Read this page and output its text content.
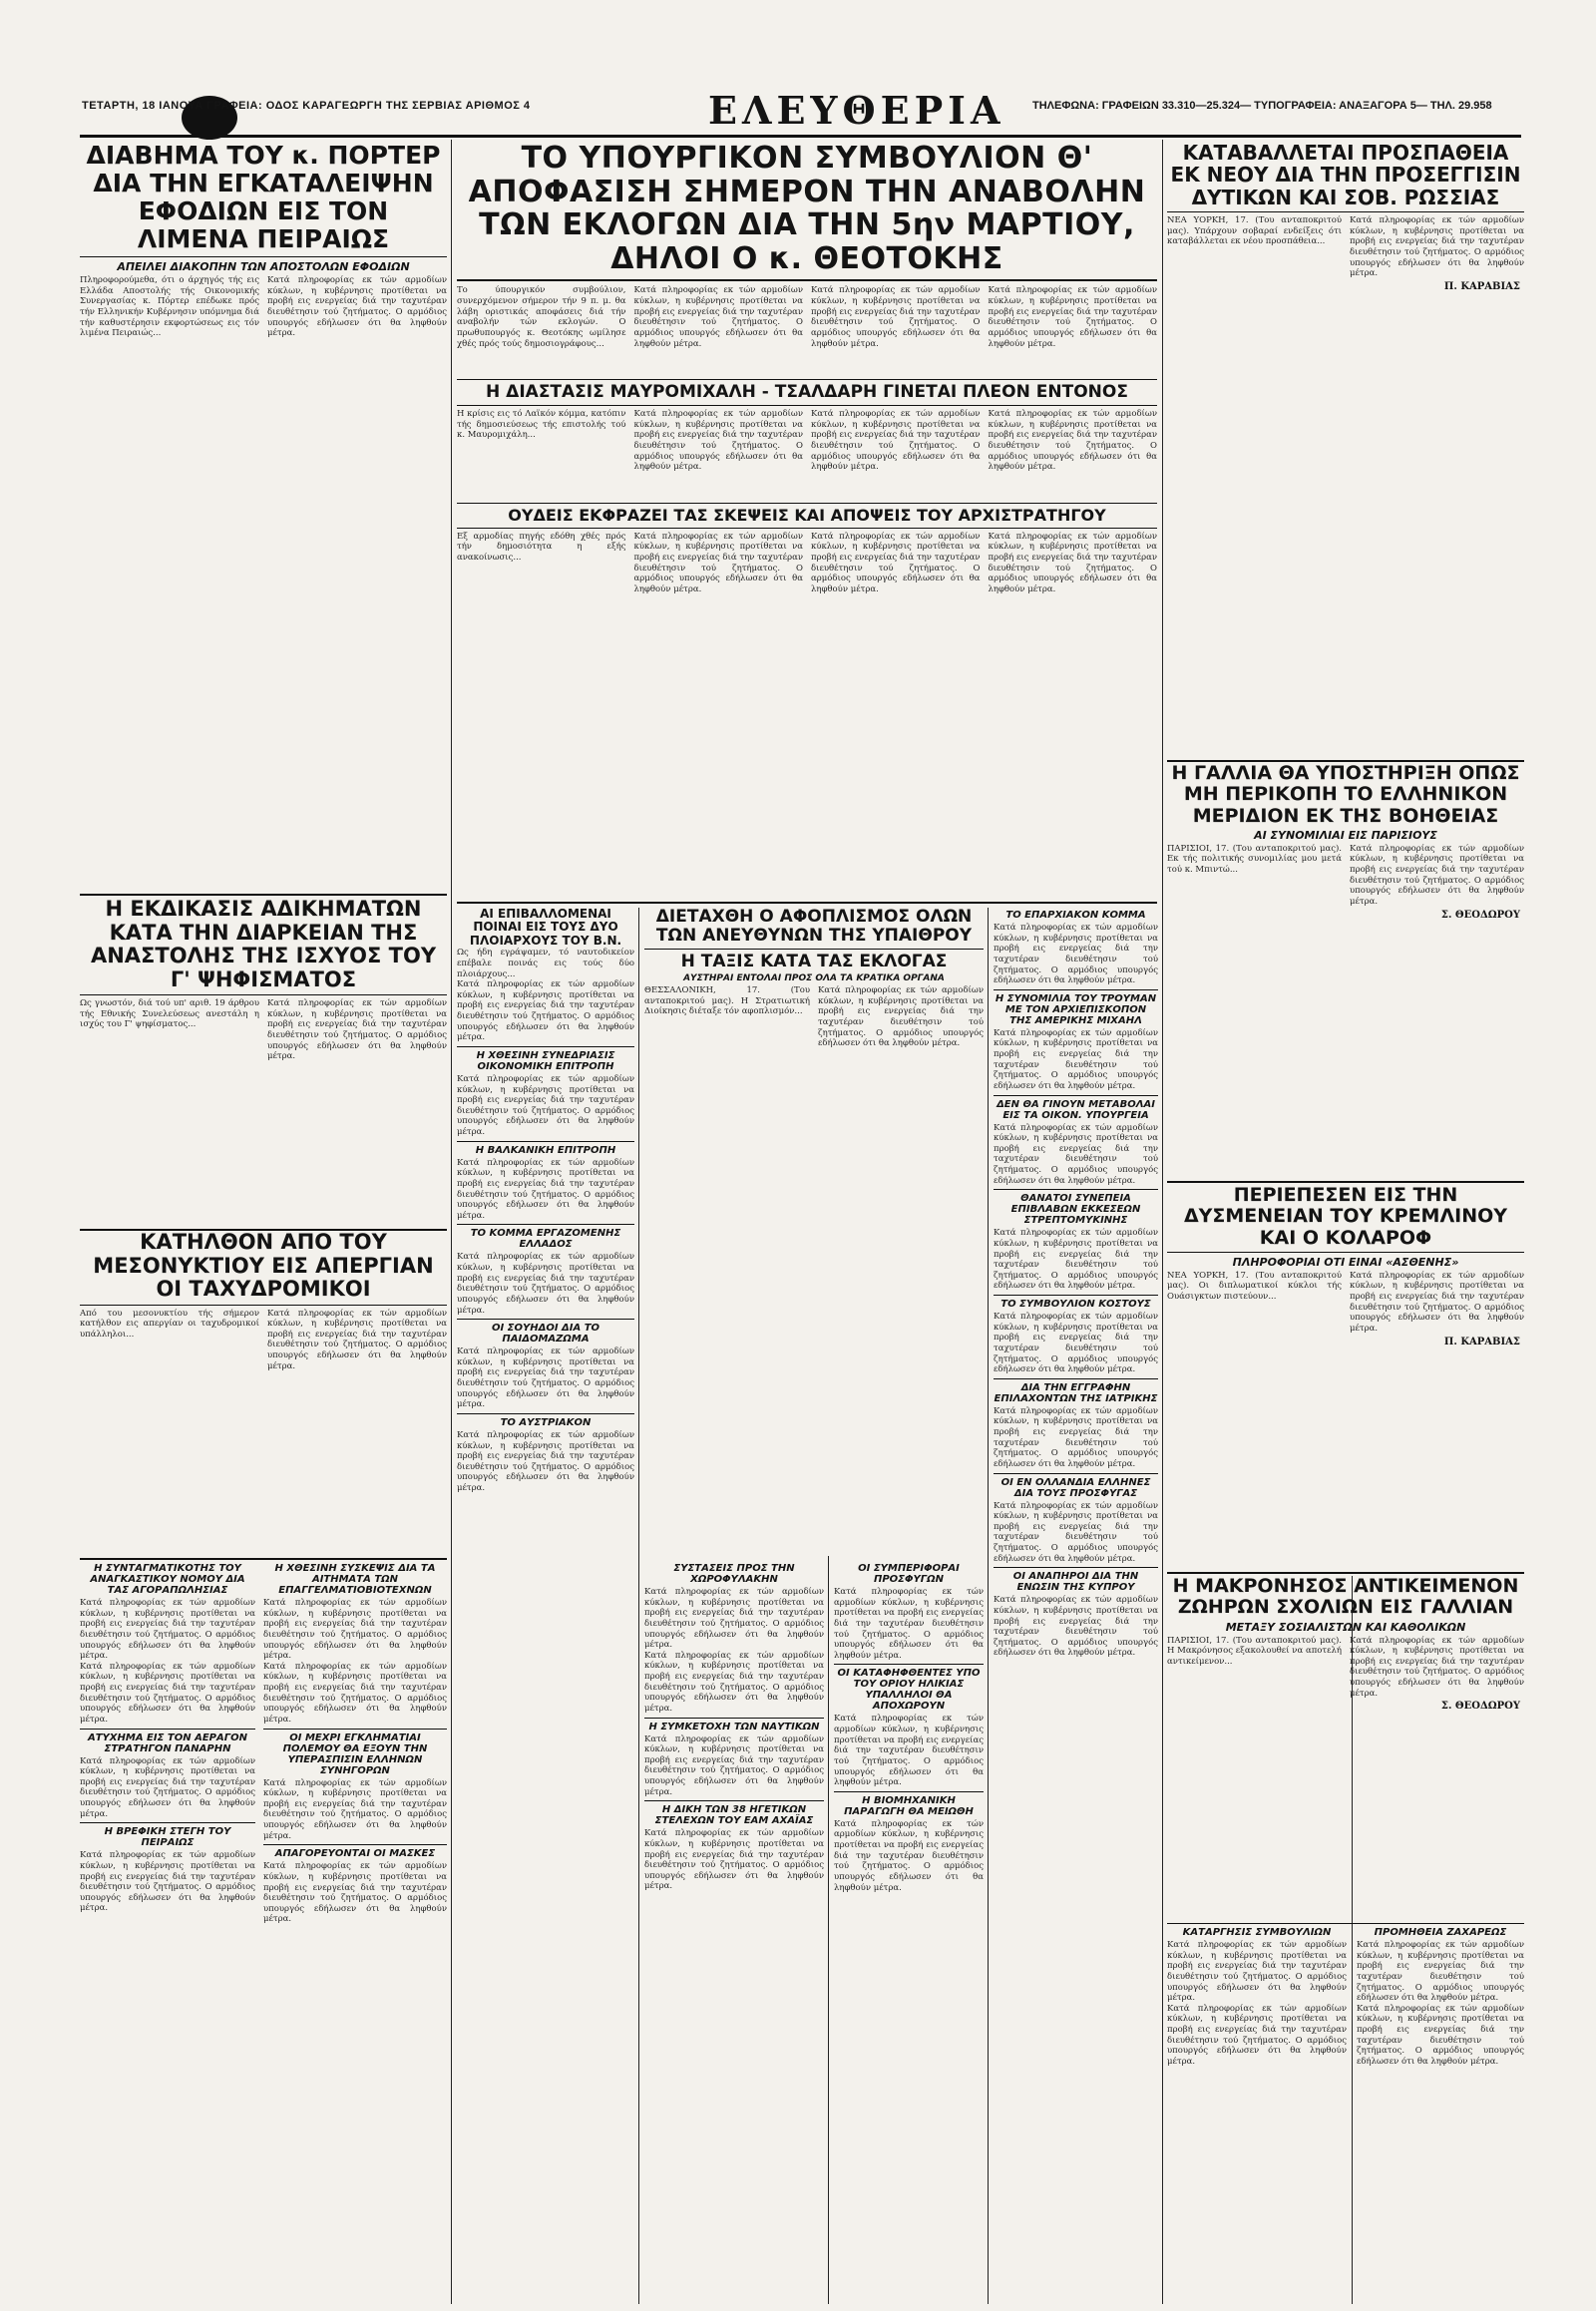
ΤΕΤΑΡΤΗ, 18 ΙΑΝΟΥΑ ΓΡΑΦΕΙΑ: ΟΔΟΣ ΚΑΡΑΓΕΩΡΓΗ ΤΗΣ ΣΕΡΒΙΑΣ ΑΡΙΘΜΟΣ 4	ΕΛΕΥΘΕΡΙΑ	ΤΗΛΕΦΩΝΑ: ΓΡΑΦΕΙΩΝ 33.310—25.324— ΤΥΠΟΓΡΑΦΕΙΑ: ΑΝΑΞΑΓΟΡΑ 5— ΤΗΛ. 29.958
ΔΙΑΒΗΜΑ ΤΟΥ κ. ΠΟΡΤΕΡ ΔΙΑ ΤΗΝ ΕΓΚΑΤΑΛΕΙΨΗΝ ΕΦΟΔΙΩΝ ΕΙΣ ΤΟΝ ΛΙΜΕΝΑ ΠΕΙΡΑΙΩΣ
ΑΠΕΙΛΕΙ ΔΙΑΚΟΠΗΝ ΤΩΝ ΑΠΟΣΤΟΛΩΝ ΕΦΟΔΙΩΝ

Πληροφορούμεθα, ότι ο άρχηγός τής εις Ελλάδα Αποστολής τής Οικονομικής Συνεργασίας κ. Πόρτερ επέδωκε πρός τήν Ελληνικήν Κυβέρνησιν υπόμνημα διά τήν καθυστέρησιν εκφορτώσεως εις τόν λιμένα Πειραιώς...

Κατά πληροφορίας εκ τών αρμοδίων κύκλων, η κυβέρνησις προτίθεται να προβή εις ενεργείας διά την ταχυτέραν διευθέτησιν τού ζητήματος. Ο αρμόδιος υπουργός εδήλωσεν ότι θα ληφθούν μέτρα.

Η ΕΚΔΙΚΑΣΙΣ ΑΔΙΚΗΜΑΤΩΝ ΚΑΤΑ ΤΗΝ ΔΙΑΡΚΕΙΑΝ ΤΗΣ ΑΝΑΣΤΟΛΗΣ ΤΗΣ ΙΣΧΥΟΣ ΤΟΥ Γ' ΨΗΦΙΣΜΑΤΟΣ

Ως γνωστόν, διά τού υπ' αριθ. 19 άρθρου τής Εθνικής Συνελεύσεως ανεστάλη η ισχύς του Γ' ψηφίσματος...

Κατά πληροφορίας εκ τών αρμοδίων κύκλων, η κυβέρνησις προτίθεται να προβή εις ενεργείας διά την ταχυτέραν διευθέτησιν τού ζητήματος. Ο αρμόδιος υπουργός εδήλωσεν ότι θα ληφθούν μέτρα.

ΚΑΤΗΛΘΟΝ ΑΠΟ ΤΟΥ ΜΕΣΟΝΥΚΤΙΟΥ ΕΙΣ ΑΠΕΡΓΙΑΝ ΟΙ ΤΑΧΥΔΡΟΜΙΚΟΙ

Από του μεσονυκτίου τής σήμερον κατήλθον εις απεργίαν οι ταχυδρομικοί υπάλληλοι...

Κατά πληροφορίας εκ τών αρμοδίων κύκλων, η κυβέρνησις προτίθεται να προβή εις ενεργείας διά την ταχυτέραν διευθέτησιν τού ζητήματος. Ο αρμόδιος υπουργός εδήλωσεν ότι θα ληφθούν μέτρα.

Η ΣΥΝΤΑΓΜΑΤΙΚΟΤΗΣ ΤΟΥ ΑΝΑΓΚΑΣΤΙΚΟΥ ΝΟΜΟΥ ΔΙΑ ΤΑΣ ΑΓΟΡΑΠΩΛΗΣΙΑΣ

Κατά πληροφορίας εκ τών αρμοδίων κύκλων, η κυβέρνησις προτίθεται να προβή εις ενεργείας διά την ταχυτέραν διευθέτησιν τού ζητήματος. Ο αρμόδιος υπουργός εδήλωσεν ότι θα ληφθούν μέτρα.

Κατά πληροφορίας εκ τών αρμοδίων κύκλων, η κυβέρνησις προτίθεται να προβή εις ενεργείας διά την ταχυτέραν διευθέτησιν τού ζητήματος. Ο αρμόδιος υπουργός εδήλωσεν ότι θα ληφθούν μέτρα.

ΑΤΥΧΗΜΑ ΕΙΣ ΤΟΝ ΑΕΡΑΓΟΝ ΣΤΡΑΤΗΓΟΝ ΠΑΝΑΡΗΝ

Κατά πληροφορίας εκ τών αρμοδίων κύκλων, η κυβέρνησις προτίθεται να προβή εις ενεργείας διά την ταχυτέραν διευθέτησιν τού ζητήματος. Ο αρμόδιος υπουργός εδήλωσεν ότι θα ληφθούν μέτρα.

Η ΒΡΕΦΙΚΗ ΣΤΕΓΗ ΤΟΥ ΠΕΙΡΑΙΩΣ

Κατά πληροφορίας εκ τών αρμοδίων κύκλων, η κυβέρνησις προτίθεται να προβή εις ενεργείας διά την ταχυτέραν διευθέτησιν τού ζητήματος. Ο αρμόδιος υπουργός εδήλωσεν ότι θα ληφθούν μέτρα.

Η ΧΘΕΣΙΝΗ ΣΥΣΚΕΨΙΣ ΔΙΑ ΤΑ ΑΙΤΗΜΑΤΑ ΤΩΝ ΕΠΑΓΓΕΛΜΑΤΙΟΒΙΟΤΕΧΝΩΝ

Κατά πληροφορίας εκ τών αρμοδίων κύκλων, η κυβέρνησις προτίθεται να προβή εις ενεργείας διά την ταχυτέραν διευθέτησιν τού ζητήματος. Ο αρμόδιος υπουργός εδήλωσεν ότι θα ληφθούν μέτρα.

Κατά πληροφορίας εκ τών αρμοδίων κύκλων, η κυβέρνησις προτίθεται να προβή εις ενεργείας διά την ταχυτέραν διευθέτησιν τού ζητήματος. Ο αρμόδιος υπουργός εδήλωσεν ότι θα ληφθούν μέτρα.

ΟΙ ΜΕΧΡΙ ΕΓΚΛΗΜΑΤΙΑΙ ΠΟΛΕΜΟΥ ΘΑ ΕΞΟΥΝ ΤΗΝ ΥΠΕΡΑΣΠΙΣΙΝ ΕΛΛΗΝΩΝ ΣΥΝΗΓΟΡΩΝ

Κατά πληροφορίας εκ τών αρμοδίων κύκλων, η κυβέρνησις προτίθεται να προβή εις ενεργείας διά την ταχυτέραν διευθέτησιν τού ζητήματος. Ο αρμόδιος υπουργός εδήλωσεν ότι θα ληφθούν μέτρα.

ΑΠΑΓΟΡΕΥΟΝΤΑΙ ΟΙ ΜΑΣΚΕΣ

Κατά πληροφορίας εκ τών αρμοδίων κύκλων, η κυβέρνησις προτίθεται να προβή εις ενεργείας διά την ταχυτέραν διευθέτησιν τού ζητήματος. Ο αρμόδιος υπουργός εδήλωσεν ότι θα ληφθούν μέτρα.

ΤΟ ΥΠΟΥΡΓΙΚΟΝ ΣΥΜΒΟΥΛΙΟΝ Θ' ΑΠΟΦΑΣΙΣΗ ΣΗΜΕΡΟΝ ΤΗΝ ΑΝΑΒΟΛΗΝ ΤΩΝ ΕΚΛΟΓΩΝ ΔΙΑ ΤΗΝ 5ην ΜΑΡΤΙΟΥ, ΔΗΛΟΙ Ο κ. ΘΕΟΤΟΚΗΣ

Το ύπουργικόν συμβούλιον, συνερχόμενον σήμερον τήν 9 π. μ. θα λάβη οριστικάς αποφάσεις διά τήν αναβολήν τών εκλογών. Ο πρωθυπουργός κ. Θεοτόκης ωμίλησε χθές πρός τούς δημοσιογράφους...

Κατά πληροφορίας εκ τών αρμοδίων κύκλων, η κυβέρνησις προτίθεται να προβή εις ενεργείας διά την ταχυτέραν διευθέτησιν τού ζητήματος. Ο αρμόδιος υπουργός εδήλωσεν ότι θα ληφθούν μέτρα.

Κατά πληροφορίας εκ τών αρμοδίων κύκλων, η κυβέρνησις προτίθεται να προβή εις ενεργείας διά την ταχυτέραν διευθέτησιν τού ζητήματος. Ο αρμόδιος υπουργός εδήλωσεν ότι θα ληφθούν μέτρα.

Κατά πληροφορίας εκ τών αρμοδίων κύκλων, η κυβέρνησις προτίθεται να προβή εις ενεργείας διά την ταχυτέραν διευθέτησιν τού ζητήματος. Ο αρμόδιος υπουργός εδήλωσεν ότι θα ληφθούν μέτρα.

Η ΔΙΑΣΤΑΣΙΣ ΜΑΥΡΟΜΙΧΑΛΗ - ΤΣΑΛΔΑΡΗ ΓΙΝΕΤΑΙ ΠΛΕΟΝ ΕΝΤΟΝΟΣ

Η κρίσις εις τό Λαϊκόν κόμμα, κατόπιν τής δημοσιεύσεως τής επιστολής τού κ. Μαυρομιχάλη...

Κατά πληροφορίας εκ τών αρμοδίων κύκλων, η κυβέρνησις προτίθεται να προβή εις ενεργείας διά την ταχυτέραν διευθέτησιν τού ζητήματος. Ο αρμόδιος υπουργός εδήλωσεν ότι θα ληφθούν μέτρα.

Κατά πληροφορίας εκ τών αρμοδίων κύκλων, η κυβέρνησις προτίθεται να προβή εις ενεργείας διά την ταχυτέραν διευθέτησιν τού ζητήματος. Ο αρμόδιος υπουργός εδήλωσεν ότι θα ληφθούν μέτρα.

Κατά πληροφορίας εκ τών αρμοδίων κύκλων, η κυβέρνησις προτίθεται να προβή εις ενεργείας διά την ταχυτέραν διευθέτησιν τού ζητήματος. Ο αρμόδιος υπουργός εδήλωσεν ότι θα ληφθούν μέτρα.

ΟΥΔΕΙΣ ΕΚΦΡΑΖΕΙ ΤΑΣ ΣΚΕΨΕΙΣ ΚΑΙ ΑΠΟΨΕΙΣ ΤΟΥ ΑΡΧΙΣΤΡΑΤΗΓΟΥ

Εξ αρμοδίας πηγής εδόθη χθές πρός τήν δημοσιότητα η εξής ανακοίνωσις...

Κατά πληροφορίας εκ τών αρμοδίων κύκλων, η κυβέρνησις προτίθεται να προβή εις ενεργείας διά την ταχυτέραν διευθέτησιν τού ζητήματος. Ο αρμόδιος υπουργός εδήλωσεν ότι θα ληφθούν μέτρα.

Κατά πληροφορίας εκ τών αρμοδίων κύκλων, η κυβέρνησις προτίθεται να προβή εις ενεργείας διά την ταχυτέραν διευθέτησιν τού ζητήματος. Ο αρμόδιος υπουργός εδήλωσεν ότι θα ληφθούν μέτρα.

Κατά πληροφορίας εκ τών αρμοδίων κύκλων, η κυβέρνησις προτίθεται να προβή εις ενεργείας διά την ταχυτέραν διευθέτησιν τού ζητήματος. Ο αρμόδιος υπουργός εδήλωσεν ότι θα ληφθούν μέτρα.

ΑΙ ΕΠΙΒΑΛΛΟΜΕΝΑΙ ΠΟΙΝΑΙ ΕΙΣ ΤΟΥΣ ΔΥΟ ΠΛΟΙΑΡΧΟΥΣ ΤΟΥ Β.Ν.

Ως ήδη εγράψαμεν, τό ναυτοδικείον επέβαλε ποινάς εις τούς δύο πλοιάρχους...

Κατά πληροφορίας εκ τών αρμοδίων κύκλων, η κυβέρνησις προτίθεται να προβή εις ενεργείας διά την ταχυτέραν διευθέτησιν τού ζητήματος. Ο αρμόδιος υπουργός εδήλωσεν ότι θα ληφθούν μέτρα.

Η ΧΘΕΣΙΝΗ ΣΥΝΕΔΡΙΑΣΙΣ ΟΙΚΟΝΟΜΙΚΗ ΕΠΙΤΡΟΠΗ

Κατά πληροφορίας εκ τών αρμοδίων κύκλων, η κυβέρνησις προτίθεται να προβή εις ενεργείας διά την ταχυτέραν διευθέτησιν τού ζητήματος. Ο αρμόδιος υπουργός εδήλωσεν ότι θα ληφθούν μέτρα.

Η ΒΑΛΚΑΝΙΚΗ ΕΠΙΤΡΟΠΗ

Κατά πληροφορίας εκ τών αρμοδίων κύκλων, η κυβέρνησις προτίθεται να προβή εις ενεργείας διά την ταχυτέραν διευθέτησιν τού ζητήματος. Ο αρμόδιος υπουργός εδήλωσεν ότι θα ληφθούν μέτρα.

ΤΟ ΚΟΜΜΑ ΕΡΓΑΖΟΜΕΝΗΣ ΕΛΛΑΔΟΣ

Κατά πληροφορίας εκ τών αρμοδίων κύκλων, η κυβέρνησις προτίθεται να προβή εις ενεργείας διά την ταχυτέραν διευθέτησιν τού ζητήματος. Ο αρμόδιος υπουργός εδήλωσεν ότι θα ληφθούν μέτρα.

ΟΙ ΣΟΥΗΔΟΙ ΔΙΑ ΤΟ ΠΑΙΔΟΜΑΖΩΜΑ

Κατά πληροφορίας εκ τών αρμοδίων κύκλων, η κυβέρνησις προτίθεται να προβή εις ενεργείας διά την ταχυτέραν διευθέτησιν τού ζητήματος. Ο αρμόδιος υπουργός εδήλωσεν ότι θα ληφθούν μέτρα.

ΤΟ ΑΥΣΤΡΙΑΚΟΝ

Κατά πληροφορίας εκ τών αρμοδίων κύκλων, η κυβέρνησις προτίθεται να προβή εις ενεργείας διά την ταχυτέραν διευθέτησιν τού ζητήματος. Ο αρμόδιος υπουργός εδήλωσεν ότι θα ληφθούν μέτρα.

ΔΙΕΤΑΧΘΗ Ο ΑΦΟΠΛΙΣΜΟΣ ΟΛΩΝ ΤΩΝ ΑΝΕΥΘΥΝΩΝ ΤΗΣ ΥΠΑΙΘΡΟΥ
Η ΤΑΞΙΣ ΚΑΤΑ ΤΑΣ ΕΚΛΟΓΑΣ
ΑΥΣΤΗΡΑΙ ΕΝΤΟΛΑΙ ΠΡΟΣ ΟΛΑ ΤΑ ΚΡΑΤΙΚΑ ΟΡΓΑΝΑ

ΘΕΣΣΑΛΟΝΙΚΗ, 17. (Του ανταποκριτού μας). Η Στρατιωτική Διοίκησις διέταξε τόν αφοπλισμόν...

Κατά πληροφορίας εκ τών αρμοδίων κύκλων, η κυβέρνησις προτίθεται να προβή εις ενεργείας διά την ταχυτέραν διευθέτησιν τού ζητήματος. Ο αρμόδιος υπουργός εδήλωσεν ότι θα ληφθούν μέτρα.

ΣΥΣΤΑΣΕΙΣ ΠΡΟΣ ΤΗΝ ΧΩΡΟΦΥΛΑΚΗΝ

Κατά πληροφορίας εκ τών αρμοδίων κύκλων, η κυβέρνησις προτίθεται να προβή εις ενεργείας διά την ταχυτέραν διευθέτησιν τού ζητήματος. Ο αρμόδιος υπουργός εδήλωσεν ότι θα ληφθούν μέτρα.

Κατά πληροφορίας εκ τών αρμοδίων κύκλων, η κυβέρνησις προτίθεται να προβή εις ενεργείας διά την ταχυτέραν διευθέτησιν τού ζητήματος. Ο αρμόδιος υπουργός εδήλωσεν ότι θα ληφθούν μέτρα.

Η ΣΥΜΚΕΤΟΧΗ ΤΩΝ ΝΑΥΤΙΚΩΝ

Κατά πληροφορίας εκ τών αρμοδίων κύκλων, η κυβέρνησις προτίθεται να προβή εις ενεργείας διά την ταχυτέραν διευθέτησιν τού ζητήματος. Ο αρμόδιος υπουργός εδήλωσεν ότι θα ληφθούν μέτρα.

Η ΔΙΚΗ ΤΩΝ 38 ΗΓΕΤΙΚΩΝ ΣΤΕΛΕΧΩΝ ΤΟΥ ΕΑΜ ΑΧΑΪΑΣ

Κατά πληροφορίας εκ τών αρμοδίων κύκλων, η κυβέρνησις προτίθεται να προβή εις ενεργείας διά την ταχυτέραν διευθέτησιν τού ζητήματος. Ο αρμόδιος υπουργός εδήλωσεν ότι θα ληφθούν μέτρα.

ΟΙ ΣΥΜΠΕΡΙΦΟΡΑΙ ΠΡΟΣΦΥΓΩΝ

Κατά πληροφορίας εκ τών αρμοδίων κύκλων, η κυβέρνησις προτίθεται να προβή εις ενεργείας διά την ταχυτέραν διευθέτησιν τού ζητήματος. Ο αρμόδιος υπουργός εδήλωσεν ότι θα ληφθούν μέτρα.

ΟΙ ΚΑΤΑΦΗΦΘΕΝΤΕΣ ΥΠΟ ΤΟΥ ΟΡΙΟΥ ΗΛΙΚΙΑΣ ΥΠΑΛΛΗΛΟΙ ΘΑ ΑΠΟΧΩΡΟΥΝ

Κατά πληροφορίας εκ τών αρμοδίων κύκλων, η κυβέρνησις προτίθεται να προβή εις ενεργείας διά την ταχυτέραν διευθέτησιν τού ζητήματος. Ο αρμόδιος υπουργός εδήλωσεν ότι θα ληφθούν μέτρα.

Η ΒΙΟΜΗΧΑΝΙΚΗ ΠΑΡΑΓΩΓΗ ΘΑ ΜΕΙΩΘΗ

Κατά πληροφορίας εκ τών αρμοδίων κύκλων, η κυβέρνησις προτίθεται να προβή εις ενεργείας διά την ταχυτέραν διευθέτησιν τού ζητήματος. Ο αρμόδιος υπουργός εδήλωσεν ότι θα ληφθούν μέτρα.

ΤΟ ΕΠΑΡΧΙΑΚΟΝ ΚΟΜΜΑ

Κατά πληροφορίας εκ τών αρμοδίων κύκλων, η κυβέρνησις προτίθεται να προβή εις ενεργείας διά την ταχυτέραν διευθέτησιν τού ζητήματος. Ο αρμόδιος υπουργός εδήλωσεν ότι θα ληφθούν μέτρα.

Η ΣΥΝΟΜΙΛΙΑ ΤΟΥ ΤΡΟΥΜΑΝ ΜΕ ΤΟΝ ΑΡΧΙΕΠΙΣΚΟΠΟΝ ΤΗΣ ΑΜΕΡΙΚΗΣ ΜΙΧΑΗΛ

Κατά πληροφορίας εκ τών αρμοδίων κύκλων, η κυβέρνησις προτίθεται να προβή εις ενεργείας διά την ταχυτέραν διευθέτησιν τού ζητήματος. Ο αρμόδιος υπουργός εδήλωσεν ότι θα ληφθούν μέτρα.

ΔΕΝ ΘΑ ΓΙΝΟΥΝ ΜΕΤΑΒΟΛΑΙ ΕΙΣ ΤΑ ΟΙΚΟΝ. ΥΠΟΥΡΓΕΙΑ

Κατά πληροφορίας εκ τών αρμοδίων κύκλων, η κυβέρνησις προτίθεται να προβή εις ενεργείας διά την ταχυτέραν διευθέτησιν τού ζητήματος. Ο αρμόδιος υπουργός εδήλωσεν ότι θα ληφθούν μέτρα.

ΘΑΝΑΤΟΙ ΣΥΝΕΠΕΙΑ ΕΠΙΒΛΑΒΩΝ ΕΚΚΕΣΕΩΝ ΣΤΡΕΠΤΟΜΥΚΙΝΗΣ

Κατά πληροφορίας εκ τών αρμοδίων κύκλων, η κυβέρνησις προτίθεται να προβή εις ενεργείας διά την ταχυτέραν διευθέτησιν τού ζητήματος. Ο αρμόδιος υπουργός εδήλωσεν ότι θα ληφθούν μέτρα.

ΤΟ ΣΥΜΒΟΥΛΙΟΝ ΚΟΣΤΟΥΣ

Κατά πληροφορίας εκ τών αρμοδίων κύκλων, η κυβέρνησις προτίθεται να προβή εις ενεργείας διά την ταχυτέραν διευθέτησιν τού ζητήματος. Ο αρμόδιος υπουργός εδήλωσεν ότι θα ληφθούν μέτρα.

ΔΙΑ ΤΗΝ ΕΓΓΡΑΦΗΝ ΕΠΙΛΑΧΟΝΤΩΝ ΤΗΣ ΙΑΤΡΙΚΗΣ

Κατά πληροφορίας εκ τών αρμοδίων κύκλων, η κυβέρνησις προτίθεται να προβή εις ενεργείας διά την ταχυτέραν διευθέτησιν τού ζητήματος. Ο αρμόδιος υπουργός εδήλωσεν ότι θα ληφθούν μέτρα.

ΟΙ ΕΝ ΟΛΛΑΝΔΙΑ ΕΛΛΗΝΕΣ ΔΙΑ ΤΟΥΣ ΠΡΟΣΦΥΓΑΣ

Κατά πληροφορίας εκ τών αρμοδίων κύκλων, η κυβέρνησις προτίθεται να προβή εις ενεργείας διά την ταχυτέραν διευθέτησιν τού ζητήματος. Ο αρμόδιος υπουργός εδήλωσεν ότι θα ληφθούν μέτρα.

ΟΙ ΑΝΑΠΗΡΟΙ ΔΙΑ ΤΗΝ ΕΝΩΣΙΝ ΤΗΣ ΚΥΠΡΟΥ

Κατά πληροφορίας εκ τών αρμοδίων κύκλων, η κυβέρνησις προτίθεται να προβή εις ενεργείας διά την ταχυτέραν διευθέτησιν τού ζητήματος. Ο αρμόδιος υπουργός εδήλωσεν ότι θα ληφθούν μέτρα.

ΚΑΤΑΒΑΛΛΕΤΑΙ ΠΡΟΣΠΑΘΕΙΑ ΕΚ ΝΕΟΥ ΔΙΑ ΤΗΝ ΠΡΟΣΕΓΓΙΣΙΝ ΔΥΤΙΚΩΝ ΚΑΙ ΣΟΒ. ΡΩΣΣΙΑΣ

ΝΕΑ ΥΟΡΚΗ, 17. (Του ανταποκριτού μας). Υπάρχουν σοβαραί ενδείξεις ότι καταβάλλεται εκ νέου προσπάθεια...

Κατά πληροφορίας εκ τών αρμοδίων κύκλων, η κυβέρνησις προτίθεται να προβή εις ενεργείας διά την ταχυτέραν διευθέτησιν τού ζητήματος. Ο αρμόδιος υπουργός εδήλωσεν ότι θα ληφθούν μέτρα.

Π. ΚΑΡΑΒΙΑΣ
Η ΓΑΛΛΙΑ ΘΑ ΥΠΟΣΤΗΡΙΞΗ ΟΠΩΣ ΜΗ ΠΕΡΙΚΟΠΗ ΤΟ ΕΛΛΗΝΙΚΟΝ ΜΕΡΙΔΙΟΝ ΕΚ ΤΗΣ ΒΟΗΘΕΙΑΣ
ΑΙ ΣΥΝΟΜΙΛΙΑΙ ΕΙΣ ΠΑΡΙΣΙΟΥΣ

ΠΑΡΙΣΙΟΙ, 17. (Του ανταποκριτού μας). Εκ τής πολιτικής συνομιλίας μου μετά τού κ. Μπιντώ...

Κατά πληροφορίας εκ τών αρμοδίων κύκλων, η κυβέρνησις προτίθεται να προβή εις ενεργείας διά την ταχυτέραν διευθέτησιν τού ζητήματος. Ο αρμόδιος υπουργός εδήλωσεν ότι θα ληφθούν μέτρα.

Σ. ΘΕΟΔΩΡΟΥ
ΠΕΡΙΕΠΕΣΕΝ ΕΙΣ ΤΗΝ ΔΥΣΜΕΝΕΙΑΝ ΤΟΥ ΚΡΕΜΛΙΝΟΥ ΚΑΙ Ο ΚΟΛΑΡΟΦ
ΠΛΗΡΟΦΟΡΙΑΙ ΟΤΙ ΕΙΝΑΙ «ΑΣΘΕΝΗΣ»

ΝΕΑ ΥΟΡΚΗ, 17. (Του ανταποκριτού μας). Οι διπλωματικοί κύκλοι τής Ουάσιγκτων πιστεύουν...

Κατά πληροφορίας εκ τών αρμοδίων κύκλων, η κυβέρνησις προτίθεται να προβή εις ενεργείας διά την ταχυτέραν διευθέτησιν τού ζητήματος. Ο αρμόδιος υπουργός εδήλωσεν ότι θα ληφθούν μέτρα.

Π. ΚΑΡΑΒΙΑΣ
Η ΜΑΚΡΟΝΗΣΟΣ ΑΝΤΙΚΕΙΜΕΝΟΝ ΖΩΗΡΩΝ ΣΧΟΛΙΩΝ ΕΙΣ ΓΑΛΛΙΑΝ
ΜΕΤΑΞΥ ΣΟΣΙΑΛΙΣΤΩΝ ΚΑΙ ΚΑΘΟΛΙΚΩΝ

ΠΑΡΙΣΙΟΙ, 17. (Του ανταποκριτού μας). Η Μακρόνησος εξακολουθεί να αποτελή αντικείμενον...

Κατά πληροφορίας εκ τών αρμοδίων κύκλων, η κυβέρνησις προτίθεται να προβή εις ενεργείας διά την ταχυτέραν διευθέτησιν τού ζητήματος. Ο αρμόδιος υπουργός εδήλωσεν ότι θα ληφθούν μέτρα.

Σ. ΘΕΟΔΩΡΟΥ
ΚΑΤΑΡΓΗΣΙΣ ΣΥΜΒΟΥΛΙΩΝ

Κατά πληροφορίας εκ τών αρμοδίων κύκλων, η κυβέρνησις προτίθεται να προβή εις ενεργείας διά την ταχυτέραν διευθέτησιν τού ζητήματος. Ο αρμόδιος υπουργός εδήλωσεν ότι θα ληφθούν μέτρα.

Κατά πληροφορίας εκ τών αρμοδίων κύκλων, η κυβέρνησις προτίθεται να προβή εις ενεργείας διά την ταχυτέραν διευθέτησιν τού ζητήματος. Ο αρμόδιος υπουργός εδήλωσεν ότι θα ληφθούν μέτρα.

ΠΡΟΜΗΘΕΙΑ ΖΑΧΑΡΕΩΣ

Κατά πληροφορίας εκ τών αρμοδίων κύκλων, η κυβέρνησις προτίθεται να προβή εις ενεργείας διά την ταχυτέραν διευθέτησιν τού ζητήματος. Ο αρμόδιος υπουργός εδήλωσεν ότι θα ληφθούν μέτρα.

Κατά πληροφορίας εκ τών αρμοδίων κύκλων, η κυβέρνησις προτίθεται να προβή εις ενεργείας διά την ταχυτέραν διευθέτησιν τού ζητήματος. Ο αρμόδιος υπουργός εδήλωσεν ότι θα ληφθούν μέτρα.
